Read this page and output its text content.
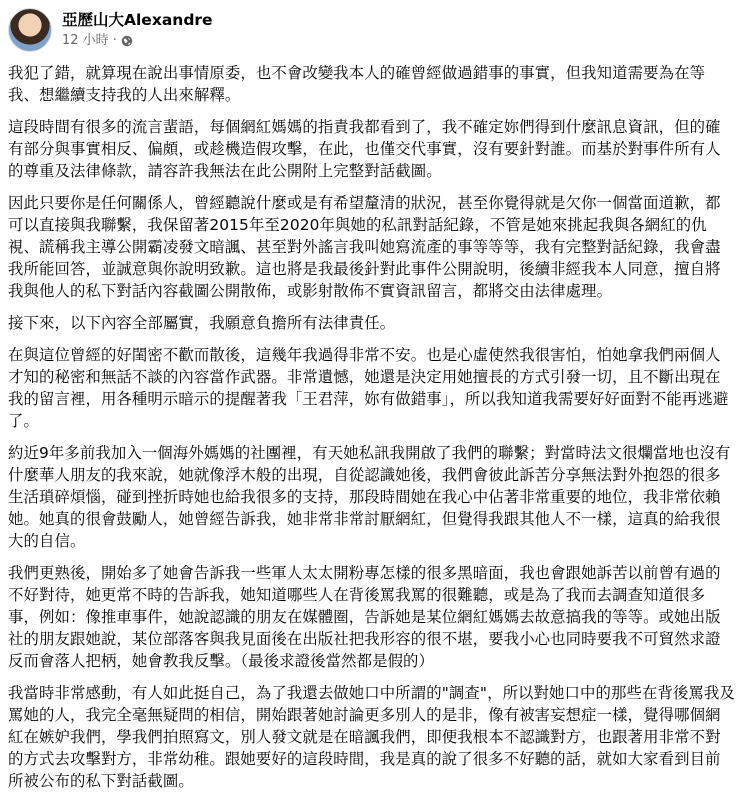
亞歷山大Alexandre
12 小時 ·

我犯了錯，就算現在說出事情原委，也不會改變我本人的確曾經做過錯事的事實，但我知道需要為在等我、想繼續支持我的人出來解釋。

這段時間有很多的流言蜚語，每個網紅媽媽的指責我都看到了，我不確定妳們得到什麼訊息資訊，但的確有部分與事實相反、偏頗，或趁機造假攻擊，在此，也僅交代事實，沒有要針對誰。而基於對事件所有人的尊重及法律條款，請容許我無法在此公開附上完整對話截圖。

因此只要你是任何關係人，曾經聽說什麼或是有希望釐清的狀況，甚至你覺得就是欠你一個當面道歉，都可以直接與我聯繫，我保留著2015年至2020年與她的私訊對話紀錄，不管是她來挑起我與各網紅的仇視、謊稱我主導公開霸凌發文暗諷、甚至對外謠言我叫她寫流產的事等等等，我有完整對話紀錄，我會盡我所能回答，並誠意與你說明致歉。這也將是我最後針對此事件公開說明，後續非經我本人同意，擅自將我與他人的私下對話內容截圖公開散佈，或影射散佈不實資訊留言，都將交由法律處理。

接下來，以下內容全部屬實，我願意負擔所有法律責任。

在與這位曾經的好閨密不歡而散後，這幾年我過得非常不安。也是心虛使然我很害怕，怕她拿我們兩個人才知的秘密和無話不談的內容當作武器。非常遺憾，她還是決定用她擅長的方式引發一切，且不斷出現在我的留言裡，用各種明示暗示的提醒著我「王君萍，妳有做錯事」，所以我知道我需要好好面對不能再逃避了。

約近9年多前我加入一個海外媽媽的社團裡，有天她私訊我開啟了我們的聯繫；對當時法文很爛當地也沒有什麼華人朋友的我來說，她就像浮木般的出現，自從認識她後，我們會彼此訴苦分享無法對外抱怨的很多生活瑣碎煩惱，碰到挫折時她也給我很多的支持，那段時間她在我心中佔著非常重要的地位，我非常依賴她。她真的很會鼓勵人，她曾經告訴我，她非常非常討厭網紅，但覺得我跟其他人不一樣，這真的給我很大的自信。

我們更熟後，開始多了她會告訴我一些軍人太太開粉專怎樣的很多黑暗面，我也會跟她訴苦以前曾有過的不好對待，她更常不時的告訴我，她知道哪些人在背後罵我罵的很難聽，或是為了我而去調查知道很多事，例如：像推車事件，她說認識的朋友在媒體圈，告訴她是某位網紅媽媽去故意搞我的等等。或她出版社的朋友跟她說，某位部落客與我見面後在出版社把我形容的很不堪，要我小心也同時要我不可貿然求證反而會落人把柄，她會教我反擊。（最後求證後當然都是假的）

我當時非常感動，有人如此挺自己，為了我還去做她口中所謂的"調查"，所以對她口中的那些在背後罵我及罵她的人，我完全毫無疑問的相信，開始跟著她討論更多別人的是非，像有被害妄想症一樣，覺得哪個網紅在嫉妒我們，學我們拍照寫文，別人發文就是在暗諷我們，即便我根本不認識對方，也跟著用非常不對的方式去攻擊對方，非常幼稚。跟她要好的這段時間，我是真的說了很多不好聽的話，就如大家看到目前所被公布的私下對話截圖。
